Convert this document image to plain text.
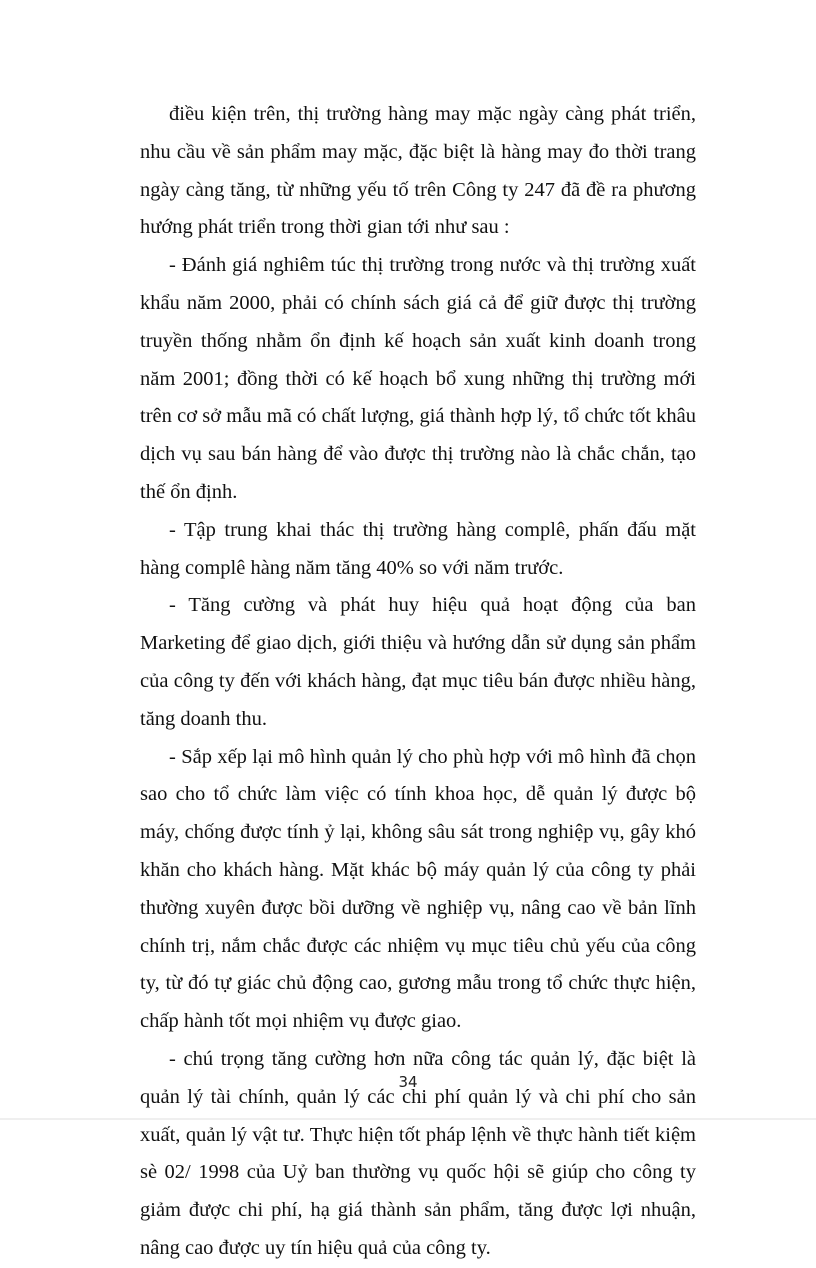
điều kiện trên, thị trường hàng may mặc ngày càng phát triển, nhu cầu về sản phẩm may mặc, đặc biệt là hàng may đo thời trang ngày càng tăng, từ những yếu tố trên Công ty 247 đã đề ra phương hướng phát triển trong thời gian tới như sau :

- Đánh giá nghiêm túc thị trường trong nước và thị trường xuất khẩu năm 2000, phải có chính sách giá cả để giữ được thị trường truyền thống nhằm ổn định kế hoạch sản xuất kinh doanh trong năm 2001; đồng thời có kế hoạch bổ xung những thị trường mới trên cơ sở mẫu mã có chất lượng, giá thành hợp lý, tổ chức tốt khâu dịch vụ sau bán hàng để vào được thị trường nào là chắc chắn, tạo thế ổn định.

- Tập trung khai thác thị trường hàng complê, phấn đấu mặt hàng complê hàng năm tăng 40% so với năm trước.

- Tăng cường và phát huy hiệu quả hoạt động của ban Marketing để giao dịch, giới thiệu và hướng dẫn sử dụng sản phẩm của công ty đến với khách hàng, đạt mục tiêu bán được nhiều hàng, tăng doanh thu.

- Sắp xếp lại mô hình quản lý cho phù hợp với mô hình đã chọn sao cho tổ chức làm việc có tính khoa học, dễ quản lý được bộ máy, chống được tính ỷ lại, không sâu sát trong nghiệp vụ, gây khó khăn cho khách hàng. Mặt khác bộ máy quản lý của công ty phải thường xuyên được bồi dưỡng về nghiệp vụ, nâng cao về bản lĩnh chính trị, nắm chắc được các nhiệm vụ mục tiêu chủ yếu của công ty, từ đó tự giác chủ động cao, gương mẫu trong tổ chức thực hiện, chấp hành tốt mọi nhiệm vụ được giao.

- chú trọng tăng cường hơn nữa công tác quản lý, đặc biệt là quản lý tài chính, quản lý các chi phí quản lý và chi phí cho sản xuất, quản lý vật tư. Thực hiện tốt pháp lệnh về thực hành tiết kiệm sè 02/ 1998 của Uỷ ban thường vụ quốc hội sẽ giúp cho công ty giảm được chi phí, hạ giá thành sản phẩm, tăng được lợi nhuận, nâng cao được uy tín hiệu quả của công ty.

34
